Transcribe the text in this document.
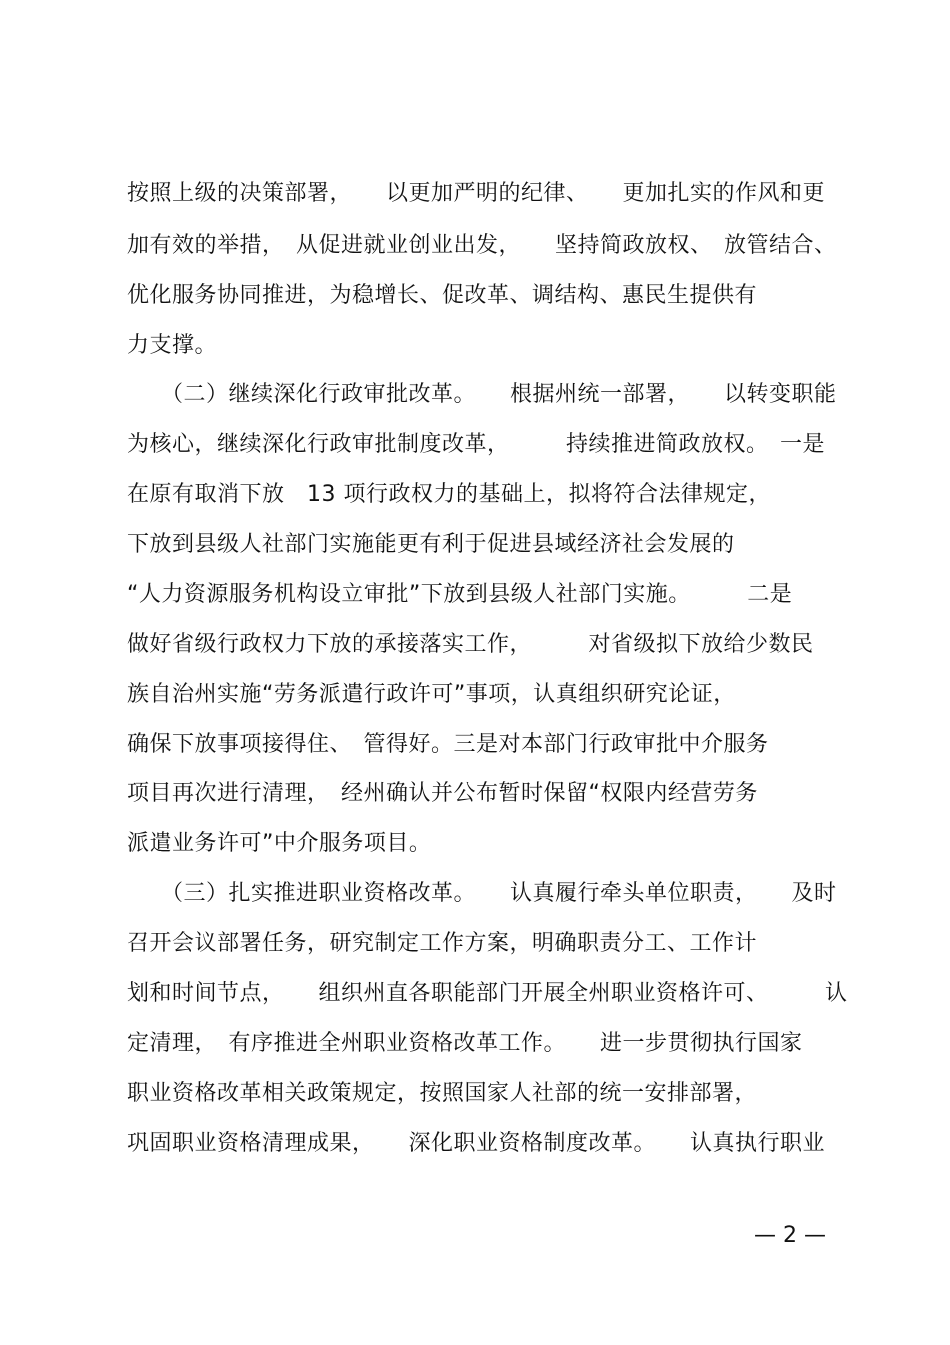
按照上级的决策部署，　　以更加严明的纪律、　　更加扎实的作风和更
加有效的举措，　从促进就业创业出发，　　坚持简政放权、　放管结合、
优化服务协同推进，为稳增长、促改革、调结构、惠民生提供有
力支撑。
　　（二）继续深化行政审批改革。　　根据州统一部署，　　以转变职能
为核心，继续深化行政审批制度改革，　　　持续推进简政放权。　一是
在原有取消下放　13 项行政权力的基础上，拟将符合法律规定，
下放到县级人社部门实施能更有利于促进县域经济社会发展的
“人力资源服务机构设立审批”下放到县级人社部门实施。　　　二是
做好省级行政权力下放的承接落实工作，　　　对省级拟下放给少数民
族自治州实施“劳务派遣行政许可”事项，认真组织研究论证，
确保下放事项接得住、　管得好。三是对本部门行政审批中介服务
项目再次进行清理，　经州确认并公布暂时保留“权限内经营劳务
派遣业务许可”中介服务项目。
　　（三）扎实推进职业资格改革。　　认真履行牵头单位职责，　　及时
召开会议部署任务，研究制定工作方案，明确职责分工、工作计
划和时间节点，　　组织州直各职能部门开展全州职业资格许可、　　　认
定清理，　有序推进全州职业资格改革工作。　　进一步贯彻执行国家
职业资格改革相关政策规定，按照国家人社部的统一安排部署，
巩固职业资格清理成果，　　深化职业资格制度改革。　　认真执行职业
— 2 —
